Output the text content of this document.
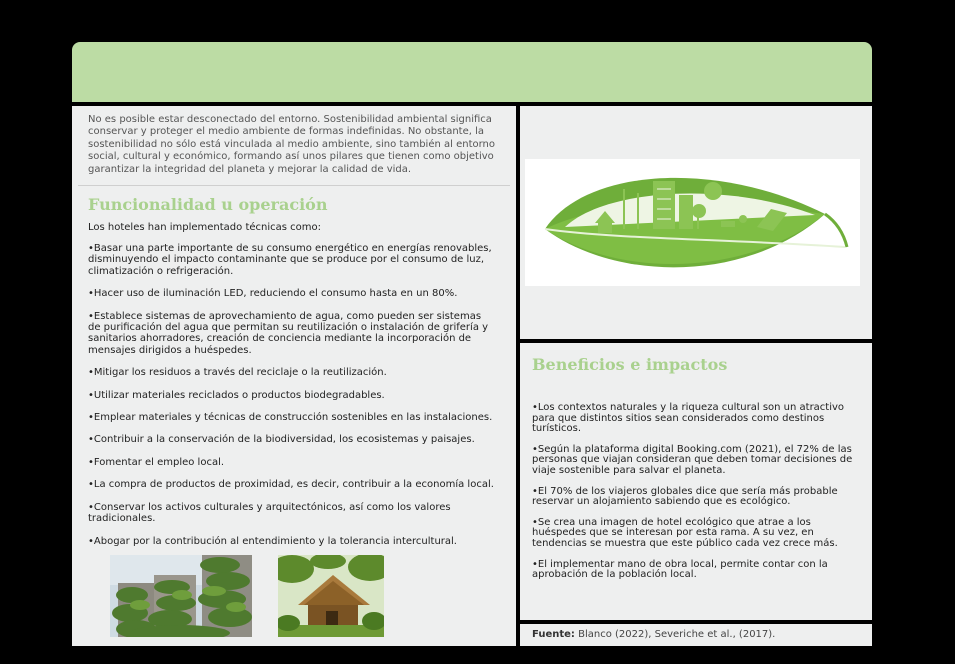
No es posible estar desconectado del entorno. Sostenibilidad ambiental significa conservar y proteger el medio ambiente de formas indefinidas. No obstante, la sostenibilidad no sólo está vinculada al medio ambiente, sino también al entorno social, cultural y económico, formando así unos pilares que tienen como objetivo garantizar la integridad del planeta y mejorar la calidad de vida.
Funcionalidad u operación
Los hoteles han implementado técnicas como:

•Basar una parte importante de su consumo energético en energías renovables, disminuyendo el impacto contaminante que se produce por el consumo de luz, climatización o refrigeración.

•Hacer uso de iluminación LED, reduciendo el consumo hasta en un 80%.

•Establece sistemas de aprovechamiento de agua, como pueden ser sistemas de purificación del agua que permitan su reutilización o instalación de grifería y sanitarios ahorradores, creación de conciencia mediante la incorporación de mensajes dirigidos a huéspedes.

•Mitigar los residuos a través del reciclaje o la reutilización.

•Utilizar materiales reciclados o productos biodegradables.

•Emplear materiales y técnicas de construcción sostenibles en las instalaciones.

•Contribuir a la conservación de la biodiversidad, los ecosistemas y paisajes.

•Fomentar el empleo local.

•La compra de productos de proximidad, es decir, contribuir a la economía local.

•Conservar los activos culturales y arquitectónicos, así como los valores tradicionales.

•Abogar por la contribución al entendimiento y la tolerancia intercultural.

Beneficios e impactos

•Los contextos naturales y la riqueza cultural son un atractivo para que distintos sitios sean considerados como destinos turísticos.

•Según la plataforma digital Booking.com (2021), el 72% de las personas que viajan consideran que deben tomar decisiones de viaje sostenible para salvar el planeta.

•El 70% de los viajeros globales dice que sería más probable reservar un alojamiento sabiendo que es ecológico.

•Se crea una imagen de hotel ecológico que atrae a los huéspedes que se interesan por esta rama. A su vez, en tendencias se muestra que este público cada vez crece más.

•El implementar mano de obra local, permite contar con la aprobación de la población local.

Fuente: Blanco (2022), Severiche et al., (2017).
